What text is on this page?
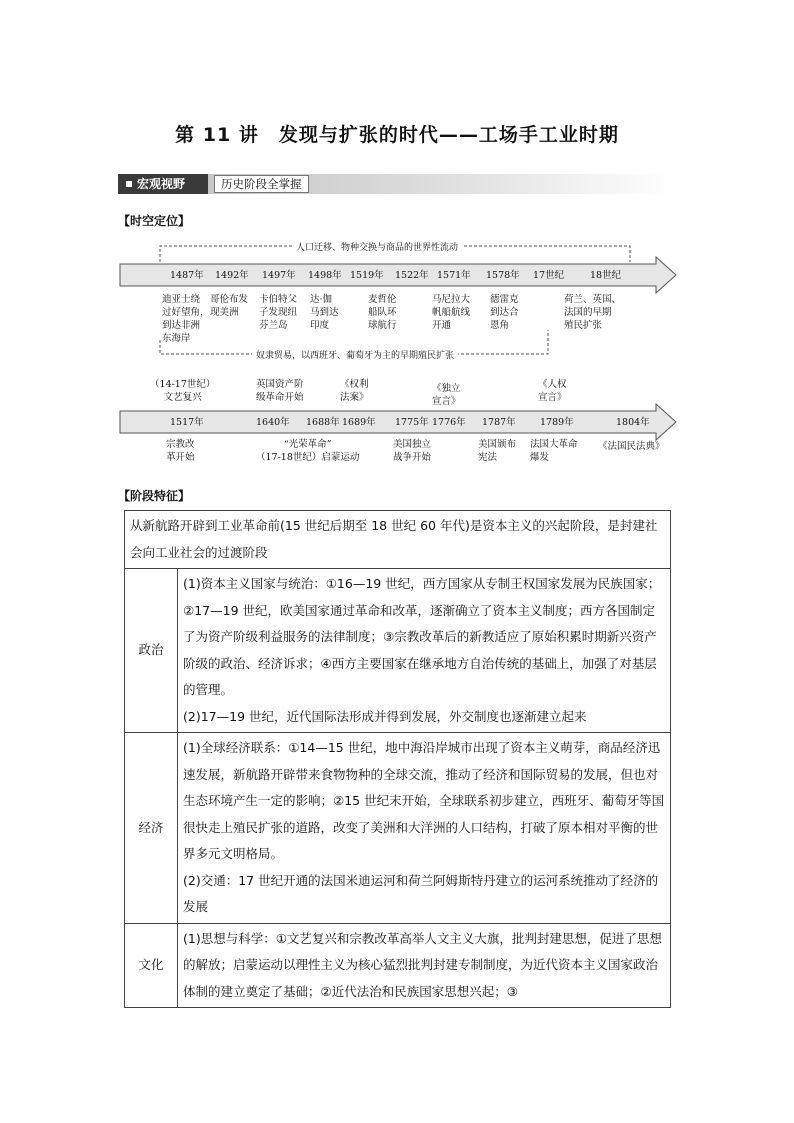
第 11 讲　发现与扩张的时代——工场手工业时期
宏观视野	历史阶段全掌握
【时空定位】
人口迁移、物种交换与商品的世界性流动
奴隶贸易，以西班牙、葡萄牙为主的早期殖民扩张
1487年 1492年 1497年 1498年 1519年 1522年 1571年 1578年 17世纪	18世纪
迪亚士绕
过好望角，
到达非洲
东海岸
哥伦布发
现美洲
卡伯特父
子发现纽
芬兰岛
达·伽
马到达
印度
麦哲伦
船队环
球航行
马尼拉大
帆船航线
开通
德雷克
到达合
恩角
荷兰、英国、
法国的早期
殖民扩张
（14-17世纪）
文艺复兴
英国资产阶
级革命开始
《权利
法案》
《独立
宣言》
《人权
宣言》
1517年	1640年 1688年 1689年 1775年 1776年 1787年	1789年	1804年
宗教改
革开始
“光荣革命”
（17-18世纪）启蒙运动
美国独立
战争开始
美国颁布
宪法
法国大革命
爆发
《法国民法典》
【阶段特征】
从新航路开辟到工业革命前(15 世纪后期至 18 世纪 60 年代)是资本主义的兴起阶段，是封建社会向工业社会的过渡阶段	
政治	(1)资本主义国家与统治：①16—19 世纪，西方国家从专制王权国家发展为民族国家；②17—19 世纪，欧美国家通过革命和改革，逐渐确立了资本主义制度；西方各国制定了为资产阶级利益服务的法律制度；③宗教改革后的新教适应了原始积累时期新兴资产阶级的政治、经济诉求；④西方主要国家在继承地方自治传统的基础上，加强了对基层的管理。
(2)17—19 世纪，近代国际法形成并得到发展，外交制度也逐渐建立起来

经济	(1)全球经济联系：①14—15 世纪，地中海沿岸城市出现了资本主义萌芽，商品经济迅速发展，新航路开辟带来食物物种的全球交流，推动了经济和国际贸易的发展，但也对生态环境产生一定的影响；②15 世纪末开始，全球联系初步建立，西班牙、葡萄牙等国很快走上殖民扩张的道路，改变了美洲和大洋洲的人口结构，打破了原本相对平衡的世界多元文明格局。
(2)交通：17 世纪开通的法国米迪运河和荷兰阿姆斯特丹建立的运河系统推动了经济的发展

文化	(1)思想与科学：①文艺复兴和宗教改革高举人文主义大旗，批判封建思想，促进了思想的解放；启蒙运动以理性主义为核心猛烈批判封建专制制度，为近代资本主义国家政治体制的建立奠定了基础；②近代法治和民族国家思想兴起；③
